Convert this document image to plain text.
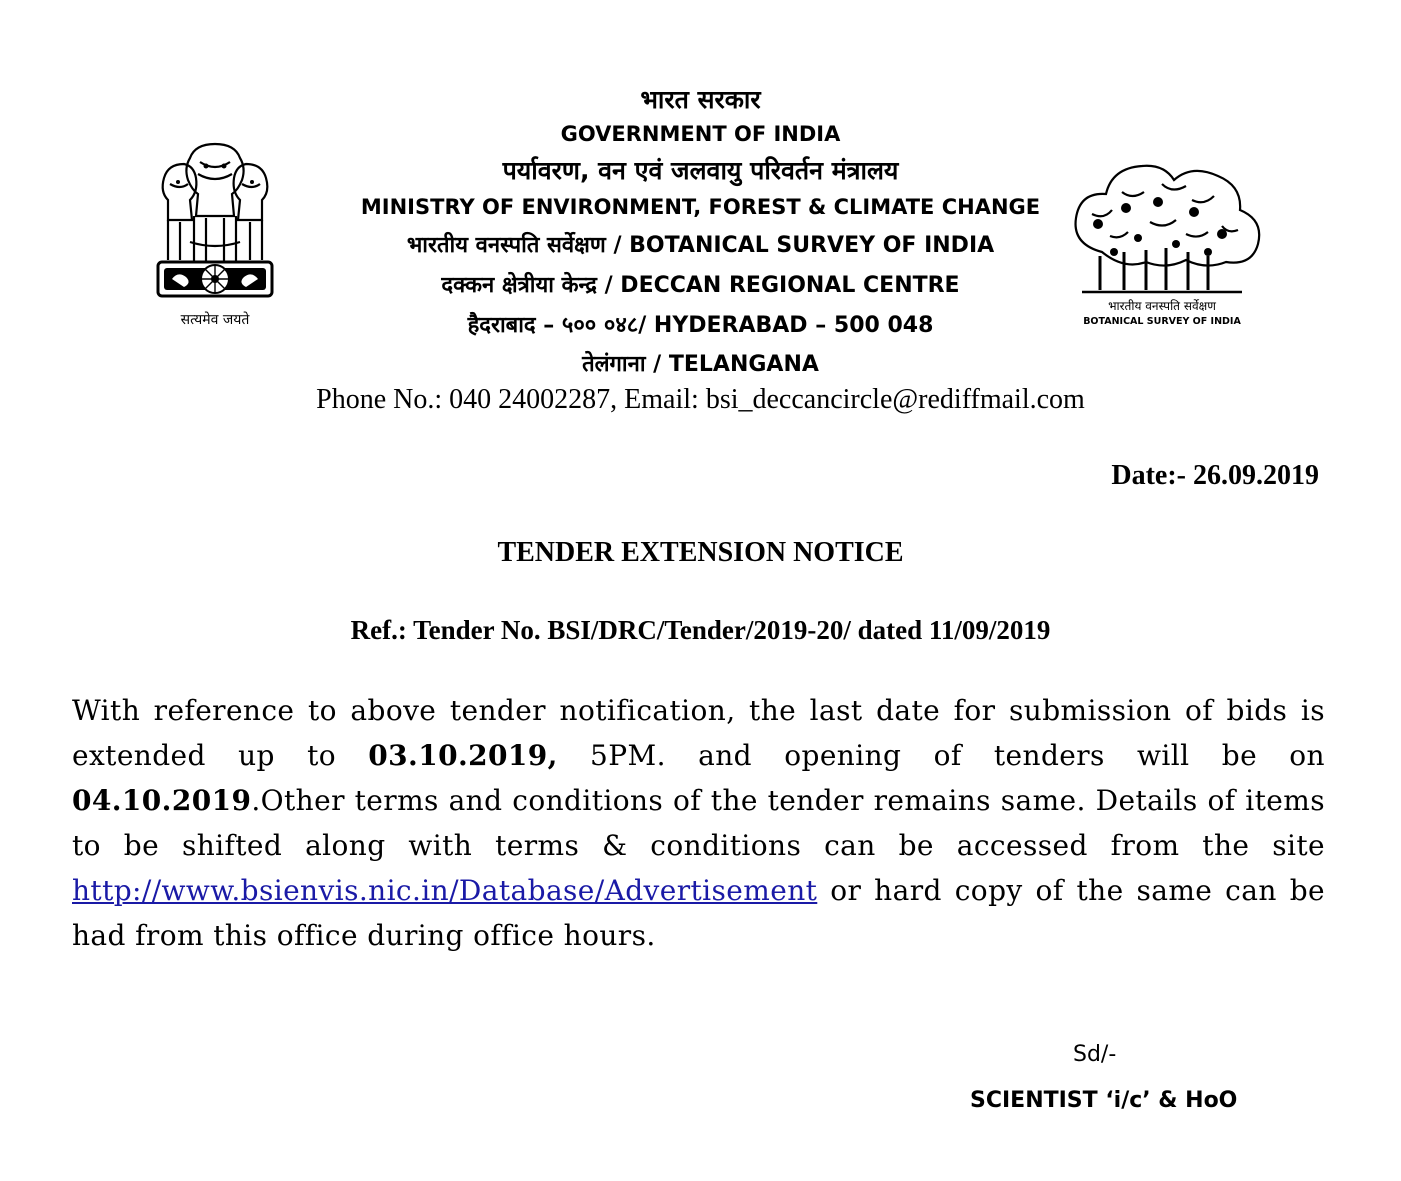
सत्यमेव जयते
भारतीय वनस्पति सर्वेक्षण
BOTANICAL SURVEY OF INDIA
भारत सरकार
GOVERNMENT OF INDIA
पर्यावरण, वन एवं जलवायु परिवर्तन मंत्रालय
MINISTRY OF ENVIRONMENT, FOREST & CLIMATE CHANGE
भारतीय वनस्पति सर्वेक्षण / BOTANICAL SURVEY OF INDIA
दक्कन क्षेत्रीया केन्द्र / DECCAN REGIONAL CENTRE
हैदराबाद – ५०० ०४८/ HYDERABAD – 500 048
तेलंगाना / TELANGANA
Phone No.: 040 24002287, Email: bsi_deccancircle@rediffmail.com
Date:- 26.09.2019
TENDER EXTENSION NOTICE
Ref.: Tender No. BSI/DRC/Tender/2019-20/ dated 11/09/2019
With reference to above tender notification, the last date for submission of bids is extended up to 03.10.2019, 5PM. and opening of tenders will be on 04.10.2019.Other terms and conditions of the tender remains same. Details of items to be shifted along with terms & conditions can be accessed from the site http://www.bsienvis.nic.in/Database/Advertisement or hard copy of the same can be had from this office during office hours.
Sd/-
SCIENTIST ‘i/c’ & HoO
